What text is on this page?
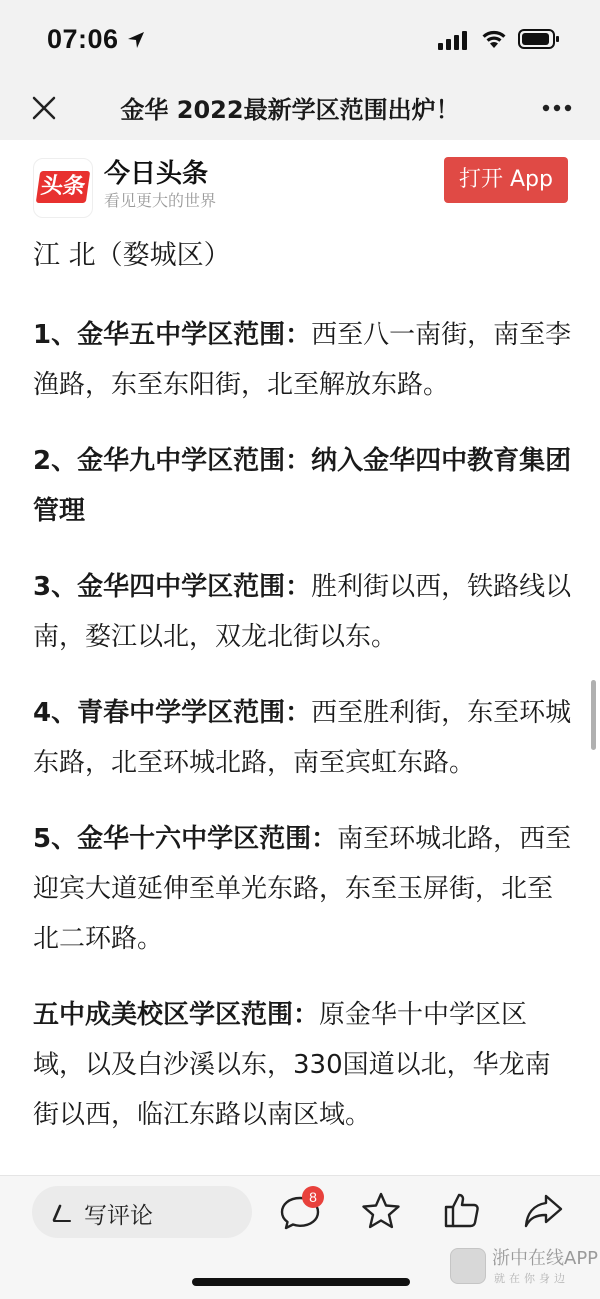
07:06
金华 2022最新学区范围出炉！
头条 今日头条
看见更大的世界
打开 App

江 北（婺城区）

1、金华五中学区范围：西至八一南街，南至李渔路，东至东阳街，北至解放东路。

2、金华九中学区范围：纳入金华四中教育集团管理

3、金华四中学区范围：胜利街以西，铁路线以南，婺江以北，双龙北街以东。

4、青春中学学区范围：西至胜利街，东至环城东路，北至环城北路，南至宾虹东路。

5、金华十六中学区范围：南至环城北路，西至迎宾大道延伸至单光东路，东至玉屏街，北至北二环路。

五中成美校区学区范围：原金华十中学区区域，以及白沙溪以东，330国道以北，华龙南街以西，临江东路以南区域。

写评论
8
浙中在线APP
就在你身边
